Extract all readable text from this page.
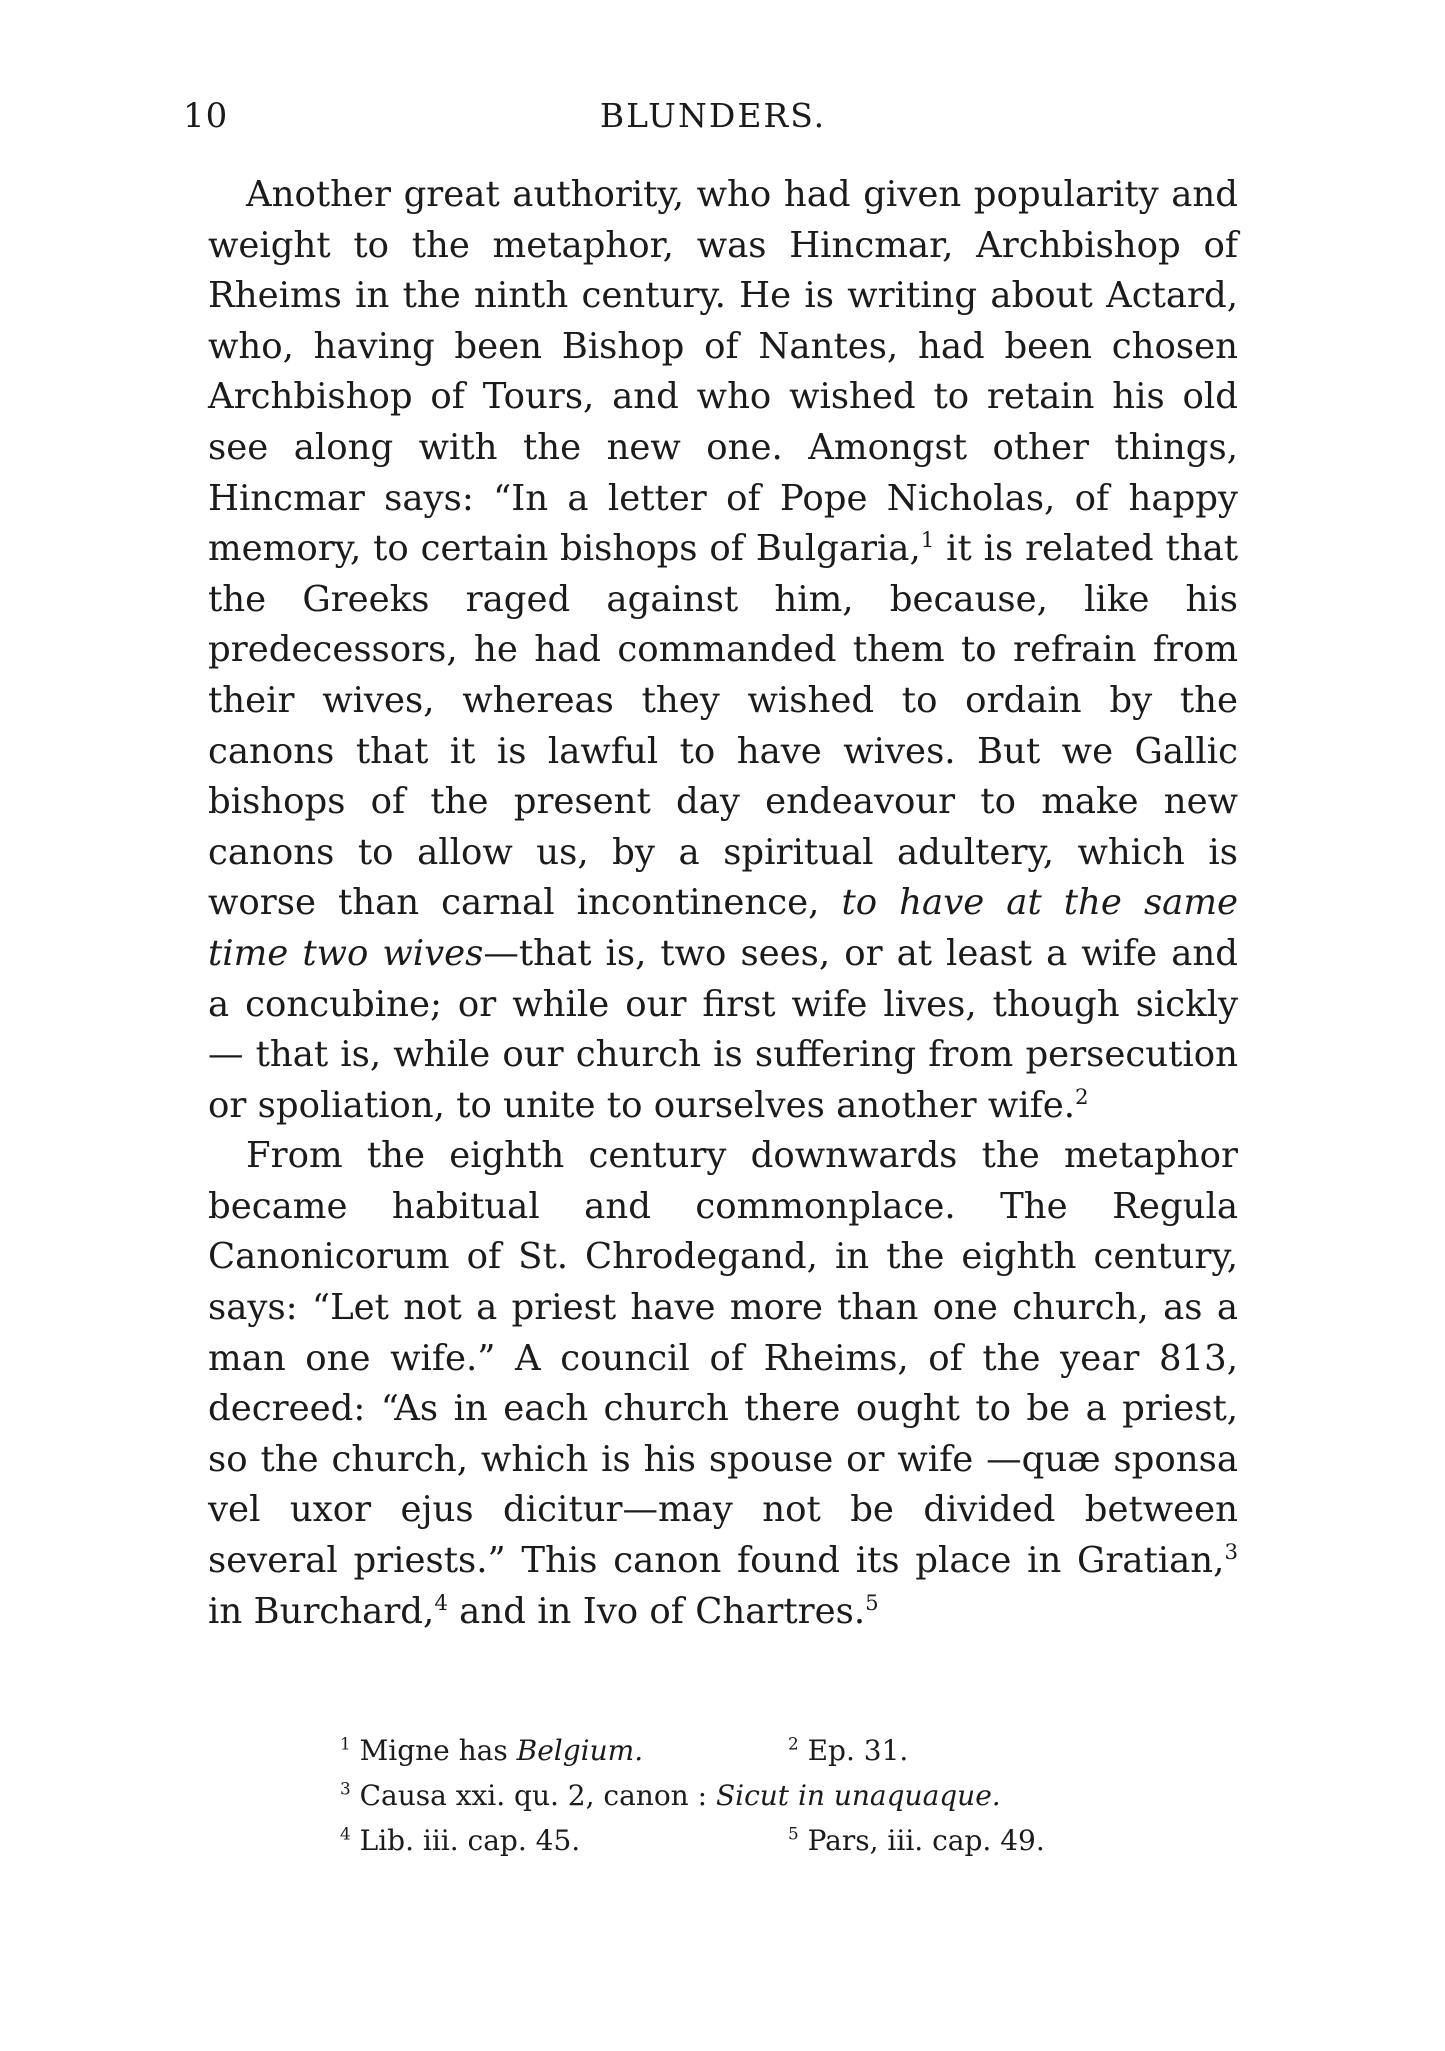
10	BLUNDERS.

Another great authority, who had given popularity and weight to the metaphor, was Hincmar, Archbishop of Rheims in the ninth century. He is writing about Actard, who, having been Bishop of Nantes, had been chosen Archbishop of Tours, and who wished to retain his old see along with the new one. Amongst other things, Hincmar says: “In a letter of Pope Nicholas, of happy memory, to certain bishops of Bulgaria,$^1$ it is related that the Greeks raged against him, because, like his predecessors, he had commanded them to refrain from their wives, whereas they wished to ordain by the canons that it is lawful to have wives. But we Gallic bishops of the present day endeavour to make new canons to allow us, by a spiritual adultery, which is worse than carnal incontinence, to have at the same time two wives—that is, two sees, or at least a wife and a concubine; or while our first wife lives, though sickly — that is, while our church is suffering from persecution or spoliation, to unite to ourselves another wife.$^2$

From the eighth century downwards the metaphor became habitual and commonplace. The Regula Canonicorum of St. Chrodegand, in the eighth century, says: “Let not a priest have more than one church, as a man one wife.” A council of Rheims, of the year 813, decreed: “As in each church there ought to be a priest, so the church, which is his spouse or wife —quæ sponsa vel uxor ejus dicitur—may not be divided between several priests.” This canon found its place in Gratian,$^3$ in Burchard,$^4$ and in Ivo of Chartres.$^5$

$^1$ Migne has Belgium.	$^2$ Ep. 31.
$^3$ Causa xxi. qu. 2, canon : Sicut in unaquaque.
$^4$ Lib. iii. cap. 45.	$^5$ Pars, iii. cap. 49.
